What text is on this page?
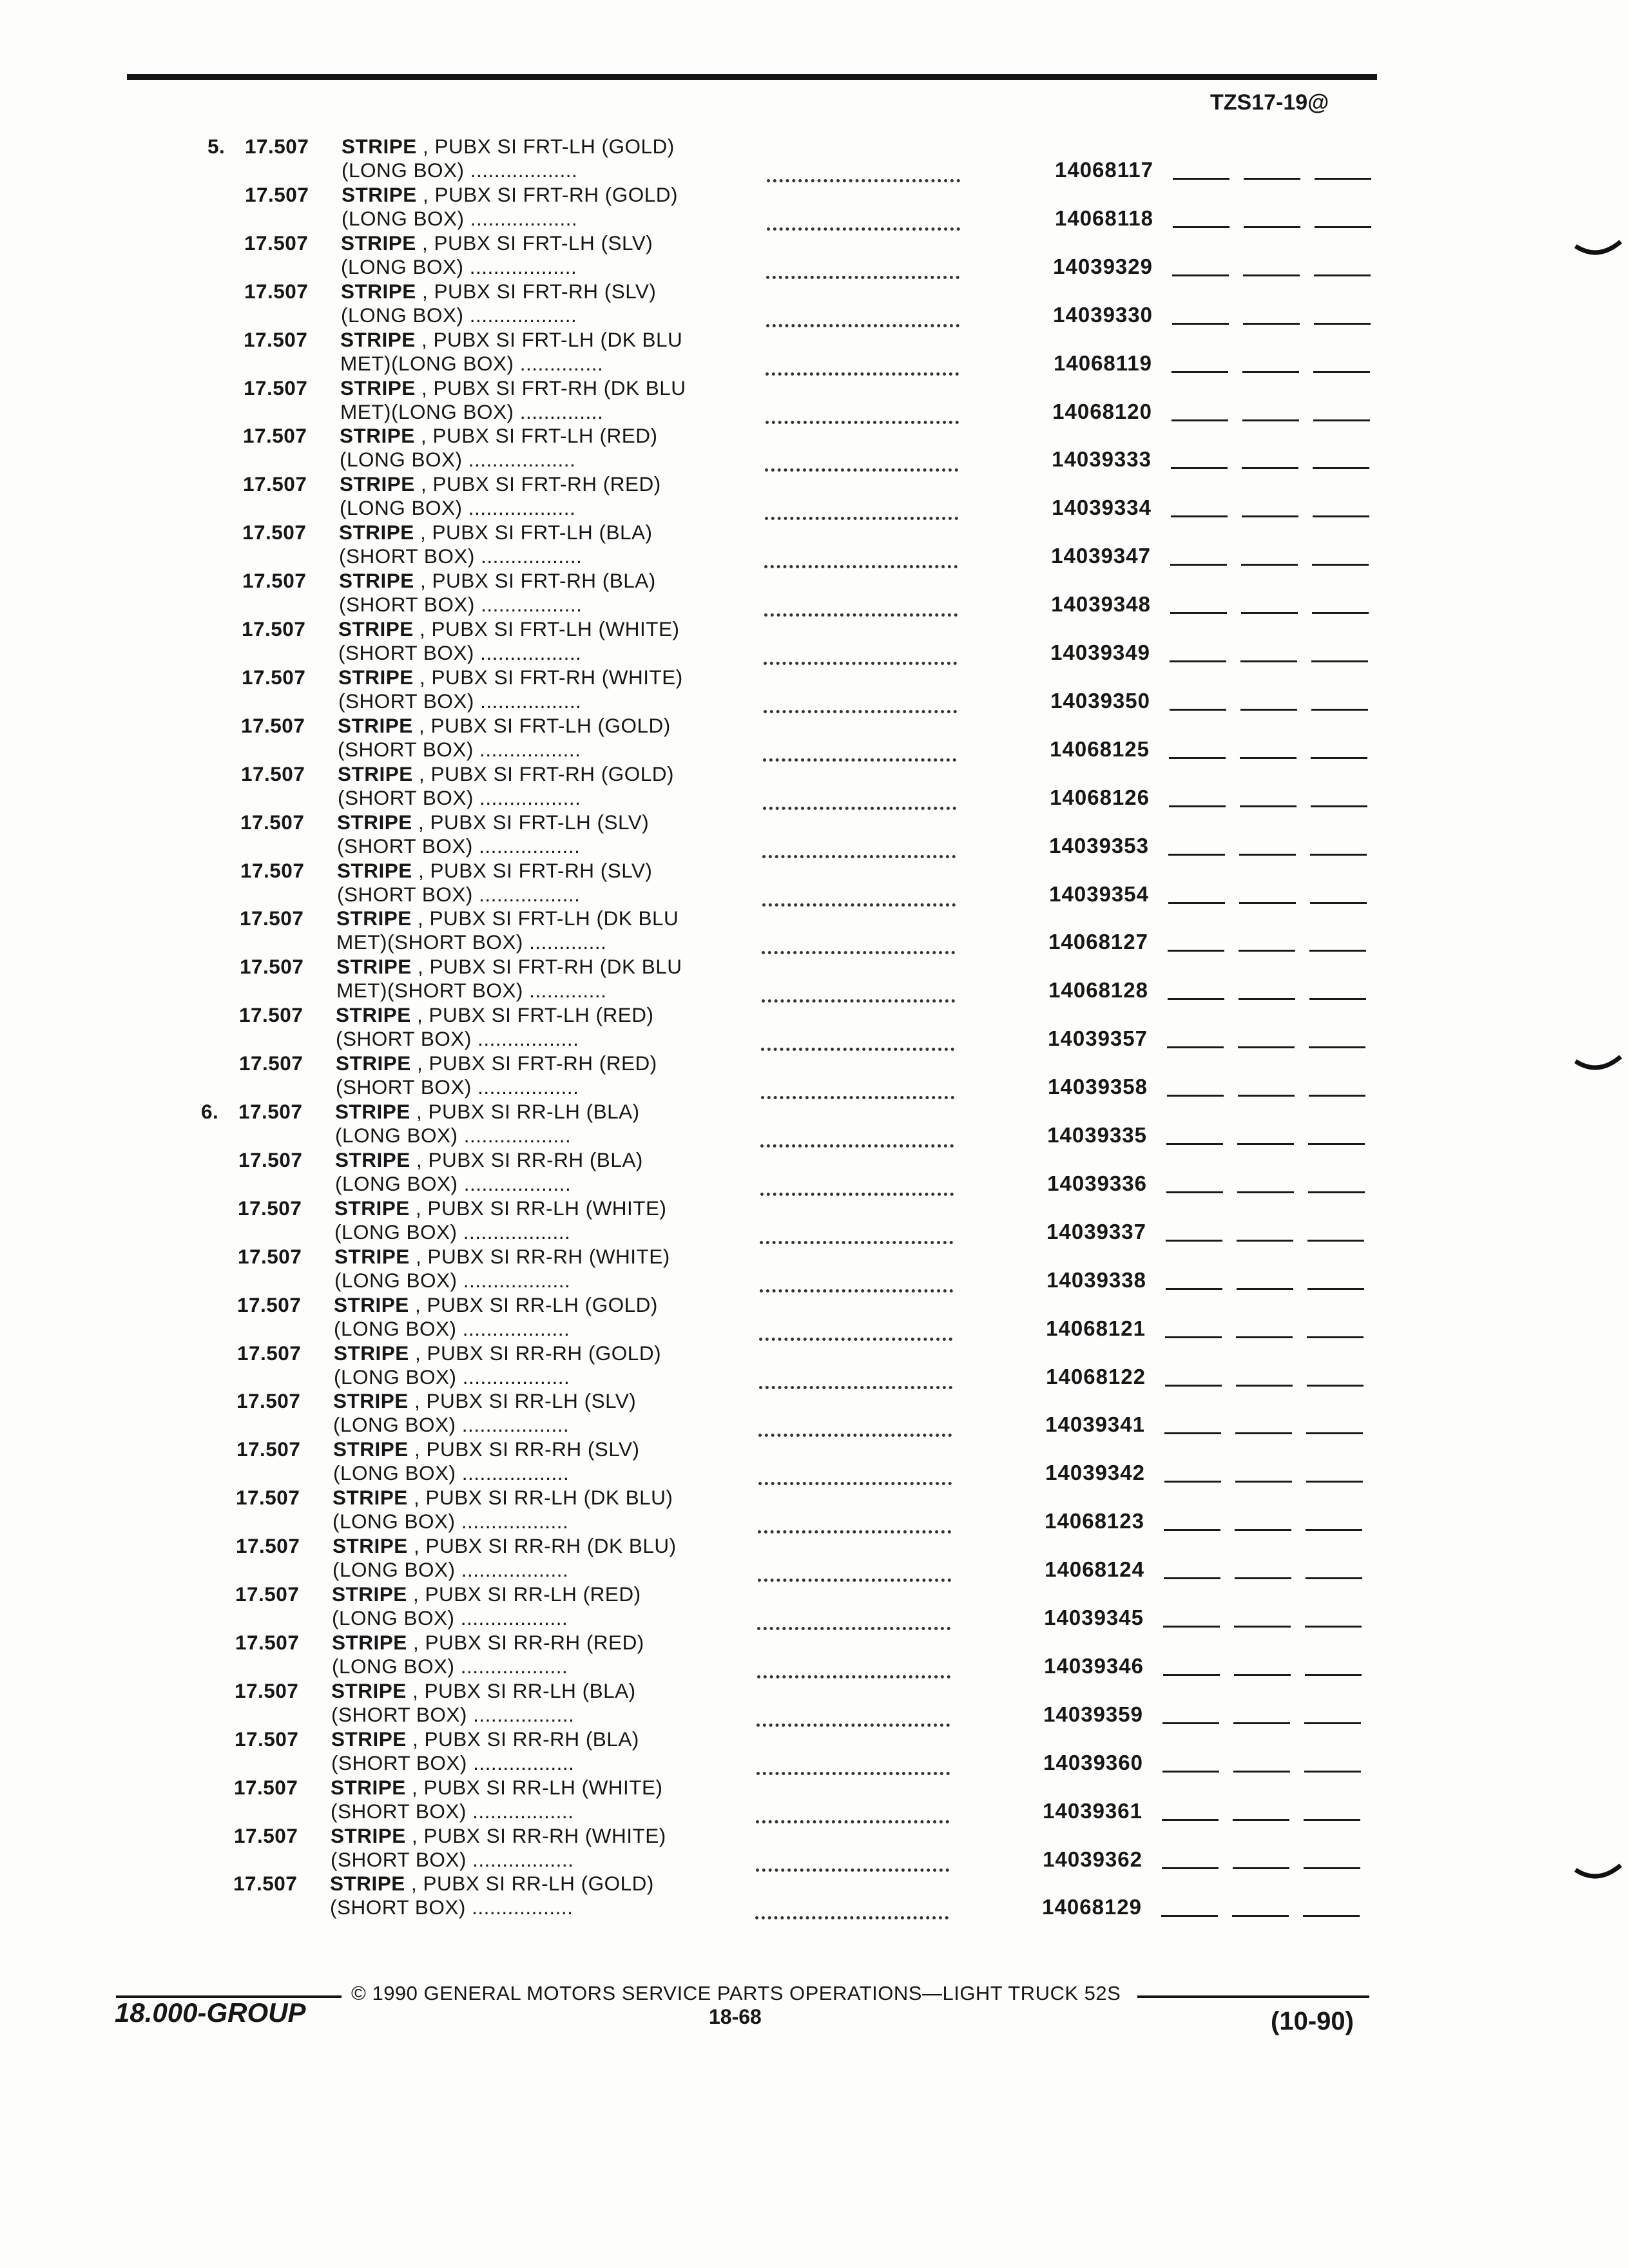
TZS17-19@
5. 17.507	STRIPE , PUBX SI FRT-LH (GOLD)
(LONG BOX) ..................	14068117
17.507	STRIPE , PUBX SI FRT-RH (GOLD)
(LONG BOX) ..................	14068118
17.507	STRIPE , PUBX SI FRT-LH (SLV)
(LONG BOX) ..................	14039329
17.507	STRIPE , PUBX SI FRT-RH (SLV)
(LONG BOX) ..................	14039330
17.507	STRIPE , PUBX SI FRT-LH (DK BLU
MET)(LONG BOX) ..............	14068119
17.507	STRIPE , PUBX SI FRT-RH (DK BLU
MET)(LONG BOX) ..............	14068120
17.507	STRIPE , PUBX SI FRT-LH (RED)
(LONG BOX) ..................	14039333
17.507	STRIPE , PUBX SI FRT-RH (RED)
(LONG BOX) ..................	14039334
17.507	STRIPE , PUBX SI FRT-LH (BLA)
(SHORT BOX) .................	14039347
17.507	STRIPE , PUBX SI FRT-RH (BLA)
(SHORT BOX) .................	14039348
17.507	STRIPE , PUBX SI FRT-LH (WHITE)
(SHORT BOX) .................	14039349
17.507	STRIPE , PUBX SI FRT-RH (WHITE)
(SHORT BOX) .................	14039350
17.507	STRIPE , PUBX SI FRT-LH (GOLD)
(SHORT BOX) .................	14068125
17.507	STRIPE , PUBX SI FRT-RH (GOLD)
(SHORT BOX) .................	14068126
17.507	STRIPE , PUBX SI FRT-LH (SLV)
(SHORT BOX) .................	14039353
17.507	STRIPE , PUBX SI FRT-RH (SLV)
(SHORT BOX) .................	14039354
17.507	STRIPE , PUBX SI FRT-LH (DK BLU
MET)(SHORT BOX) .............	14068127
17.507	STRIPE , PUBX SI FRT-RH (DK BLU
MET)(SHORT BOX) .............	14068128
17.507	STRIPE , PUBX SI FRT-LH (RED)
(SHORT BOX) .................	14039357
17.507	STRIPE , PUBX SI FRT-RH (RED)
(SHORT BOX) .................	14039358
6. 17.507	STRIPE , PUBX SI RR-LH (BLA)
(LONG BOX) ..................	14039335
17.507	STRIPE , PUBX SI RR-RH (BLA)
(LONG BOX) ..................	14039336
17.507	STRIPE , PUBX SI RR-LH (WHITE)
(LONG BOX) ..................	14039337
17.507	STRIPE , PUBX SI RR-RH (WHITE)
(LONG BOX) ..................	14039338
17.507	STRIPE , PUBX SI RR-LH (GOLD)
(LONG BOX) ..................	14068121
17.507	STRIPE , PUBX SI RR-RH (GOLD)
(LONG BOX) ..................	14068122
17.507	STRIPE , PUBX SI RR-LH (SLV)
(LONG BOX) ..................	14039341
17.507	STRIPE , PUBX SI RR-RH (SLV)
(LONG BOX) ..................	14039342
17.507	STRIPE , PUBX SI RR-LH (DK BLU)
(LONG BOX) ..................	14068123
17.507	STRIPE , PUBX SI RR-RH (DK BLU)
(LONG BOX) ..................	14068124
17.507	STRIPE , PUBX SI RR-LH (RED)
(LONG BOX) ..................	14039345
17.507	STRIPE , PUBX SI RR-RH (RED)
(LONG BOX) ..................	14039346
17.507	STRIPE , PUBX SI RR-LH (BLA)
(SHORT BOX) .................	14039359
17.507	STRIPE , PUBX SI RR-RH (BLA)
(SHORT BOX) .................	14039360
17.507	STRIPE , PUBX SI RR-LH (WHITE)
(SHORT BOX) .................	14039361
17.507	STRIPE , PUBX SI RR-RH (WHITE)
(SHORT BOX) .................	14039362
17.507	STRIPE , PUBX SI RR-LH (GOLD)
(SHORT BOX) .................	14068129
18.000-GROUP
© 1990 GENERAL MOTORS SERVICE PARTS OPERATIONS—LIGHT TRUCK 52S
18-68	(10-90)
